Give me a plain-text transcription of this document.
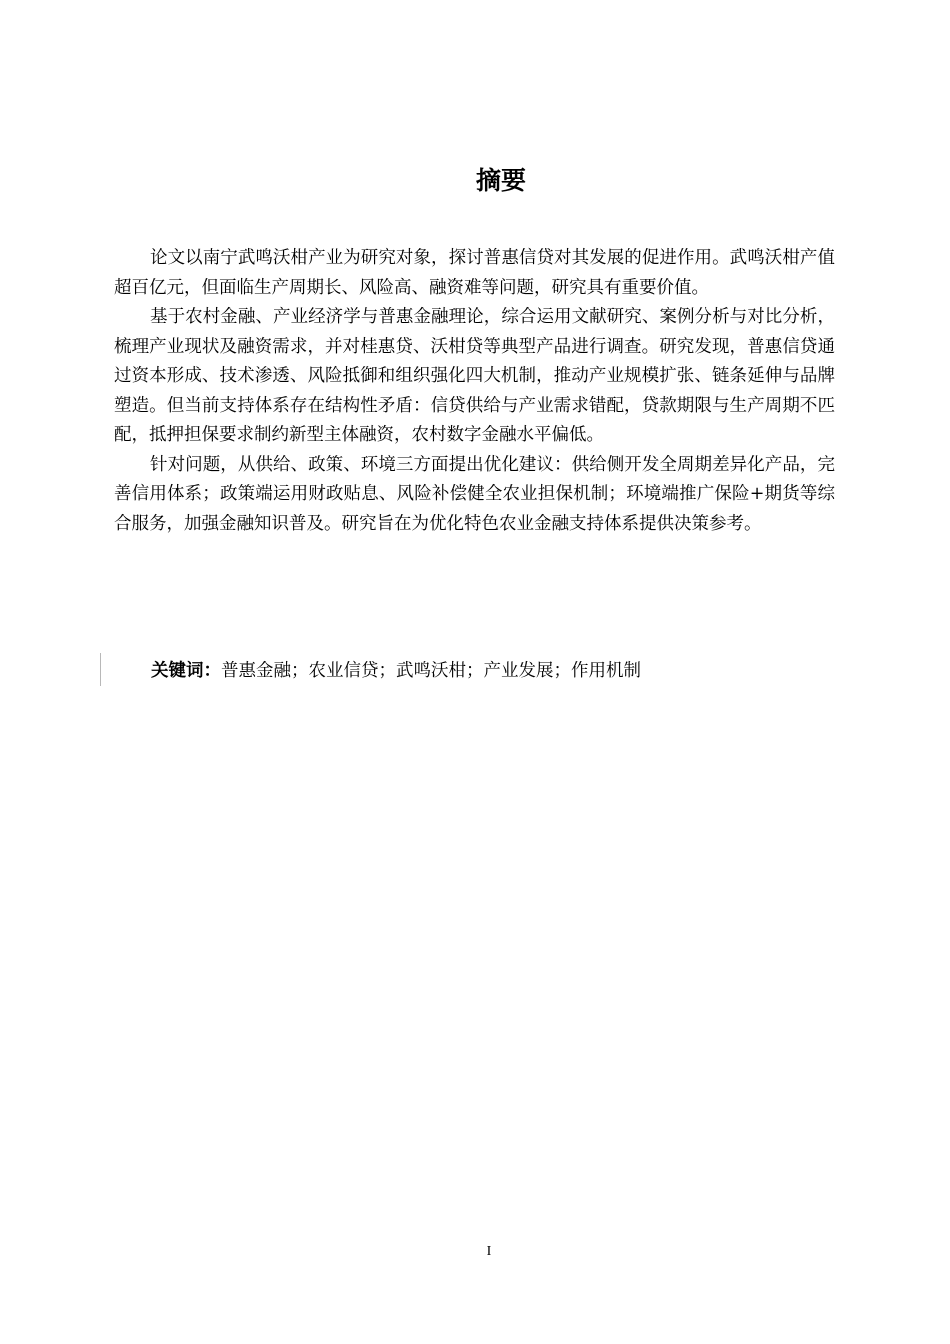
摘要

论文以南宁武鸣沃柑产业为研究对象，探讨普惠信贷对其发展的促进作用。武鸣沃柑产值超百亿元，但面临生产周期长、风险高、融资难等问题，研究具有重要价值。

基于农村金融、产业经济学与普惠金融理论，综合运用文献研究、案例分析与对比分析，梳理产业现状及融资需求，并对桂惠贷、沃柑贷等典型产品进行调查。研究发现，普惠信贷通过资本形成、技术渗透、风险抵御和组织强化四大机制，推动产业规模扩张、链条延伸与品牌塑造。但当前支持体系存在结构性矛盾：信贷供给与产业需求错配，贷款期限与生产周期不匹配，抵押担保要求制约新型主体融资，农村数字金融水平偏低。

针对问题，从供给、政策、环境三方面提出优化建议：供给侧开发全周期差异化产品，完善信用体系；政策端运用财政贴息、风险补偿健全农业担保机制；环境端推广保险+期货等综合服务，加强金融知识普及。研究旨在为优化特色农业金融支持体系提供决策参考。

关键词：普惠金融；农业信贷；武鸣沃柑；产业发展；作用机制
I
